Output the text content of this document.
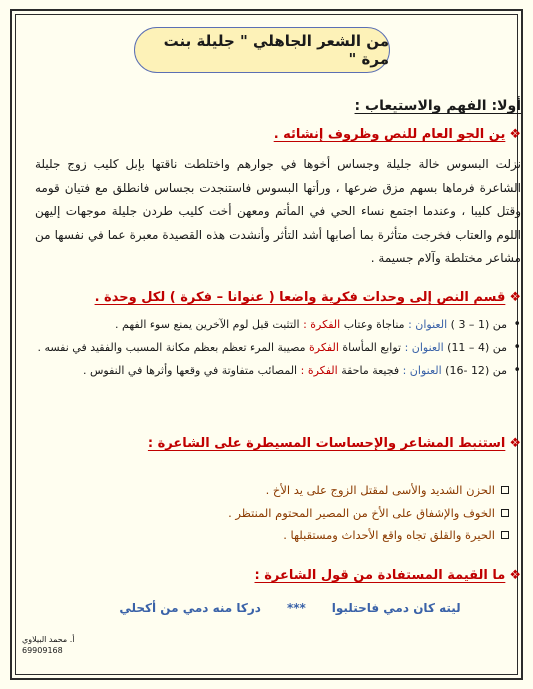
من الشعر الجاهلي " جليلة بنت مرة "
أولا: الفهم والاستيعاب :
❖
ين الجو العام للنص وظروف إنشائه .
نزلت البسوس خالة جليلة وجساس أخوها في جوارهم واختلطت ناقتها بإبل كليب زوج جليلة الشاعرة فرماها بسهم مزق ضرعها ، ورأتها البسوس فاستنجدت بجساس فانطلق مع فتيان قومه وقتل كليبا ، وعندما اجتمع نساء الحي في المأتم ومعهن أخت كليب طردن جليلة موجهات إليهن اللوم والعتاب فخرجت متأثرة بما أصابها أشد التأثر وأنشدت هذه القصيدة معبرة عما في نفسها من مشاعر مختلطة وآلام جسيمة .
❖
قسم النص إلى وحدات فكرية واضعا ( عنوانا – فكرة ) لكل وحدة .
• من (1 – 3 ) العنوان : مناجاة وعتاب الفكرة : التثبت قبل لوم الآخرين يمنع سوء الفهم .
• من (4 – 11) العنوان : توابع المأساة الفكرة مصيبة المرء تعظم بعظم مكانة المسبب والفقيد في نفسه .
• من (12 -16) العنوان : فجيعة ماحقة الفكرة : المصائب متفاوتة في وقعها وأثرها في النفوس .
❖
استنبط المشاعر والإحساسات المسيطرة على الشاعرة :
الحزن الشديد والأسى لمقتل الزوج على يد الأخ .
الخوف والإشفاق على الأخ من المصير المحتوم المنتظر .
الحيرة والقلق تجاه واقع الأحداث ومستقبلها .
❖
ما القيمة المستفادة من قول الشاعرة :
ليته كان دمي فاحتلبوا
***
دركا منه دمي من أكحلي
أ. محمد البيلاوي
69909168
